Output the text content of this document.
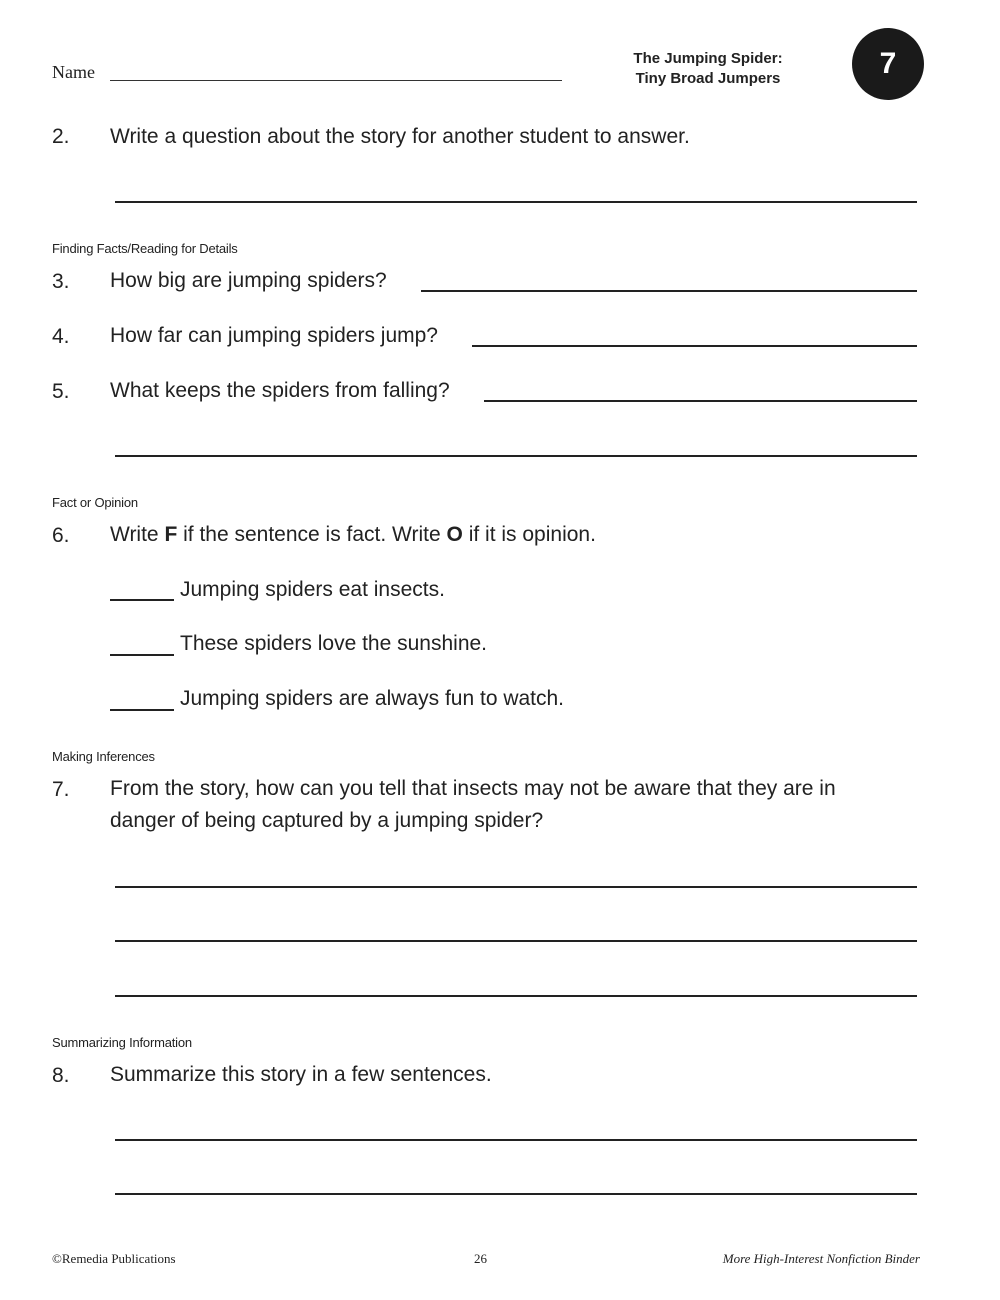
Name
The Jumping Spider:
Tiny Broad Jumpers	7
2. Write a question about the story for another student to answer.
Finding Facts/Reading for Details
3. How big are jumping spiders?
4. How far can jumping spiders jump?
5. What keeps the spiders from falling?
Fact or Opinion
6. Write F if the sentence is fact. Write O if it is opinion.
Jumping spiders eat insects.
These spiders love the sunshine.
Jumping spiders are always fun to watch.
Making Inferences
7. From the story, how can you tell that insects may not be aware that they are in
danger of being captured by a jumping spider?
Summarizing Information
8. Summarize this story in a few sentences.
©Remedia Publications	26	More High-Interest Nonfiction Binder
